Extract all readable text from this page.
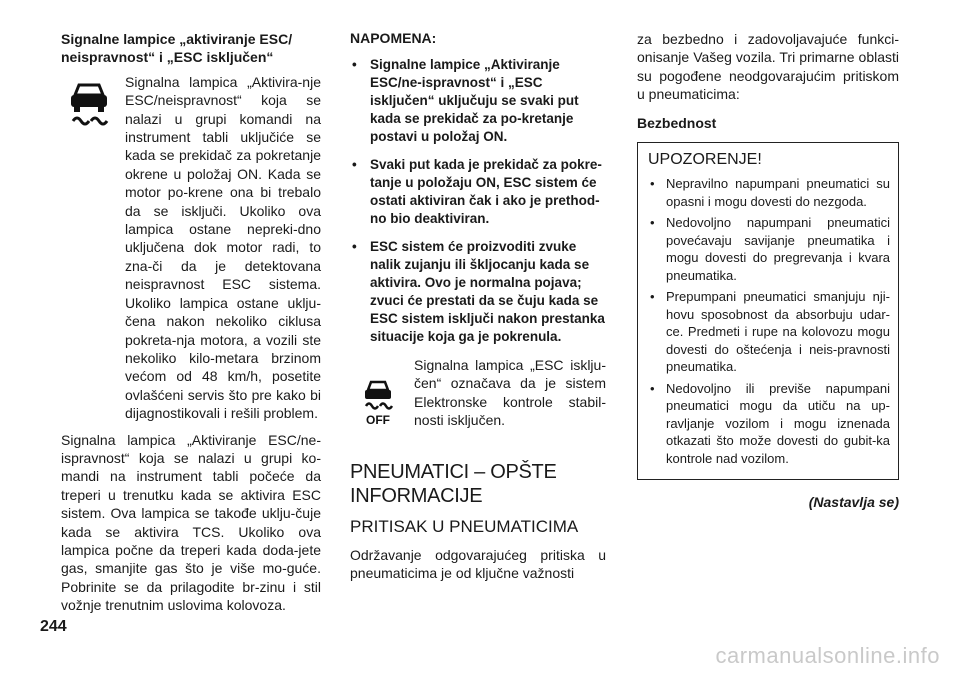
Signalne lampice „aktiviranje ESC/ neispravnost“ i „ESC isključen“

Signalna lampica „Aktivira-nje ESC/neispravnost“ koja se nalazi u grupi komandi na instrument tabli uključiće se kada se prekidač za pokretanje okrene u položaj ON. Kada se motor po-krene ona bi trebalo da se isključi. Ukoliko ova lampica ostane nepreki-dno uključena dok motor radi, to zna-či da je detektovana neispravnost ESC sistema. Ukoliko lampica ostane uklju-čena nakon nekoliko ciklusa pokreta-nja motora, a vozili ste nekoliko kilo-metara brzinom većom od 48 km/h, posetite ovlašćeni servis što pre kako bi dijagnostikovali i rešili problem.

Signalna lampica „Aktiviranje ESC/ne-ispravnost“ koja se nalazi u grupi ko-mandi na instrument tabli počeće da treperi u trenutku kada se aktivira ESC sistem. Ova lampica se takođe uklju-čuje kada se aktivira TCS. Ukoliko ova lampica počne da treperi kada doda-jete gas, smanjite gas što je više mo-guće. Pobrinite se da prilagodite br-zinu i stil vožnje trenutnim uslovima kolovoza.

NAPOMENA:
• Signalne lampice „Aktiviranje ESC/ne-ispravnost“ i „ESC isključen“ uključuju se svaki put kada se prekidač za po-kretanje postavi u položaj ON.
• Svaki put kada je prekidač za pokre-tanje u položaju ON, ESC sistem će ostati aktiviran čak i ako je prethod-no bio deaktiviran.
• ESC sistem će proizvoditi zvuke nalik zujanju ili škljocanju kada se aktivira. Ovo je normalna pojava; zvuci će prestati da se čuju kada se ESC sistem isključi nakon prestanka situacije koja ga je pokrenula.
OFF

Signalna lampica „ESC isklju-čen“ označava da je sistem Elektronske kontrole stabil-nosti isključen.

PNEUMATICI – OPŠTE INFORMACIJE
PRITISAK U PNEUMATICIMA

Održavanje odgovarajućeg pritiska u pneumaticima je od ključne važnosti

za bezbedno i zadovoljavajuće funkci-onisanje Vašeg vozila. Tri primarne oblasti su pogođene neodgovarajućim pritiskom u pneumaticima:

Bezbednost
UPOZORENJE!
• Nepravilno napumpani pneumatici su opasni i mogu dovesti do nezgoda.
• Nedovoljno napumpani pneumatici povećavaju savijanje pneumatika i mogu dovesti do pregrevanja i kvara pneumatika.
• Prepumpani pneumatici smanjuju nji-hovu sposobnost da absorbuju udar-ce. Predmeti i rupe na kolovozu mogu dovesti do oštećenja i neis-pravnosti pneumatika.
• Nedovoljno ili previše napumpani pneumatici mogu da utiču na up-ravljanje vozilom i mogu iznenada otkazati što može dovesti do gubit-ka kontrole nad vozilom.
(Nastavlja se)
244
carmanualsonline.info
